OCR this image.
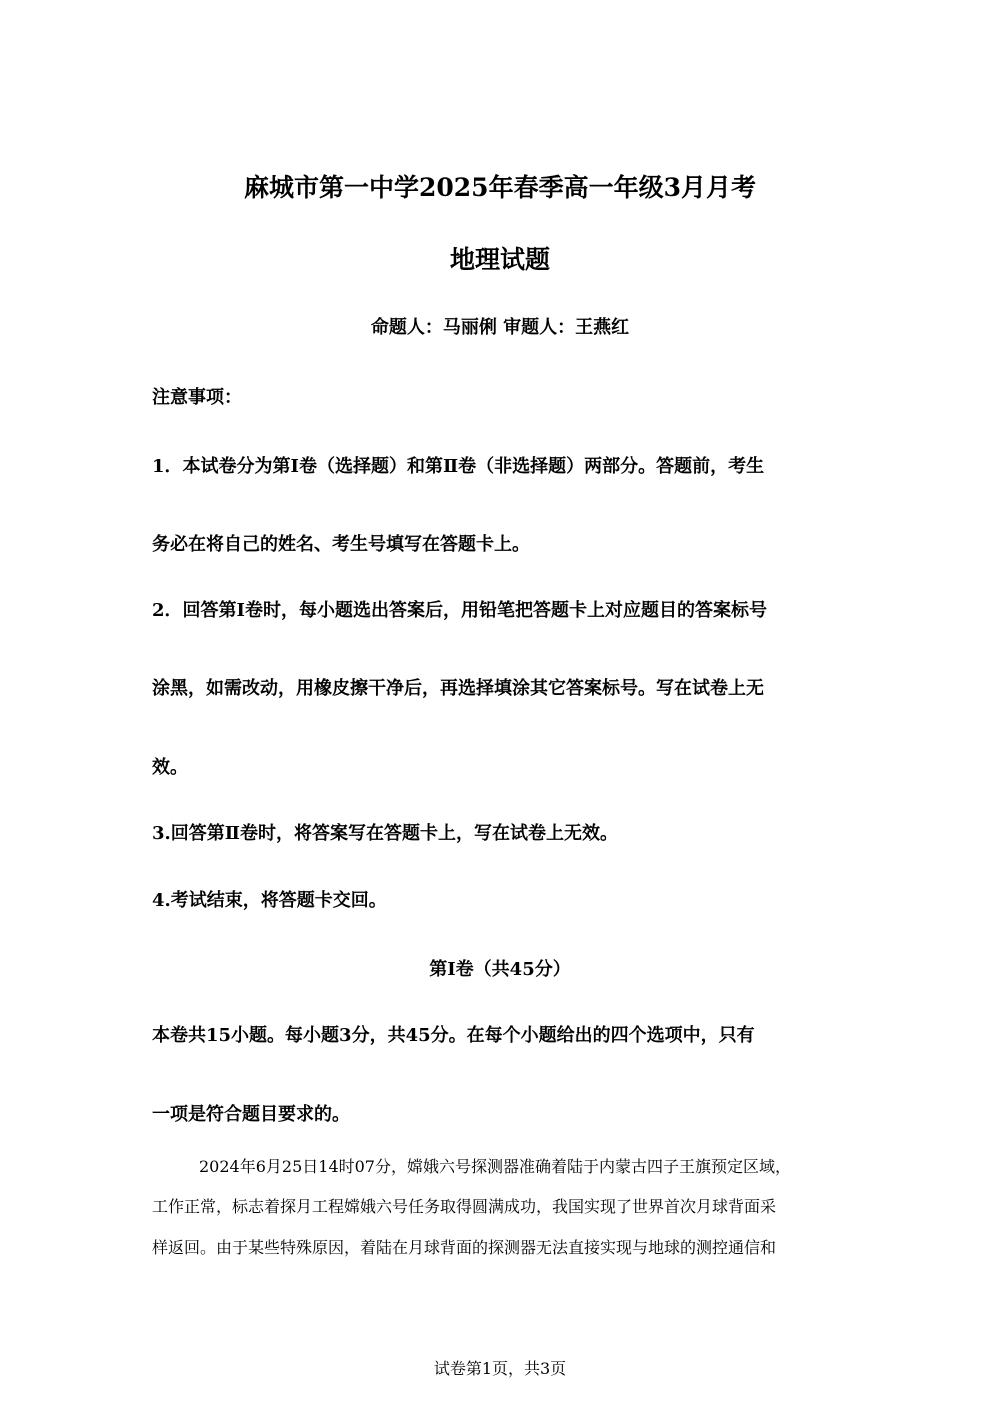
麻城市第一中学2025年春季高一年级3月月考
地理试题
命题人：马丽俐 审题人：王燕红
注意事项：
1．本试卷分为第Ⅰ卷（选择题）和第Ⅱ卷（非选择题）两部分。答题前，考生
务必在将自己的姓名、考生号填写在答题卡上。
2．回答第Ⅰ卷时，每小题选出答案后，用铅笔把答题卡上对应题目的答案标号
涂黑，如需改动，用橡皮擦干净后，再选择填涂其它答案标号。写在试卷上无
效。
3.回答第Ⅱ卷时，将答案写在答题卡上，写在试卷上无效。
4.考试结束，将答题卡交回。
第Ⅰ卷（共45分）
本卷共15小题。每小题3分，共45分。在每个小题给出的四个选项中，只有
一项是符合题目要求的。
2024年6月25日14时07分，嫦娥六号探测器准确着陆于内蒙古四子王旗预定区域，
工作正常，标志着探月工程嫦娥六号任务取得圆满成功，我国实现了世界首次月球背面采
样返回。由于某些特殊原因，着陆在月球背面的探测器无法直接实现与地球的测控通信和
试卷第1页，共3页
